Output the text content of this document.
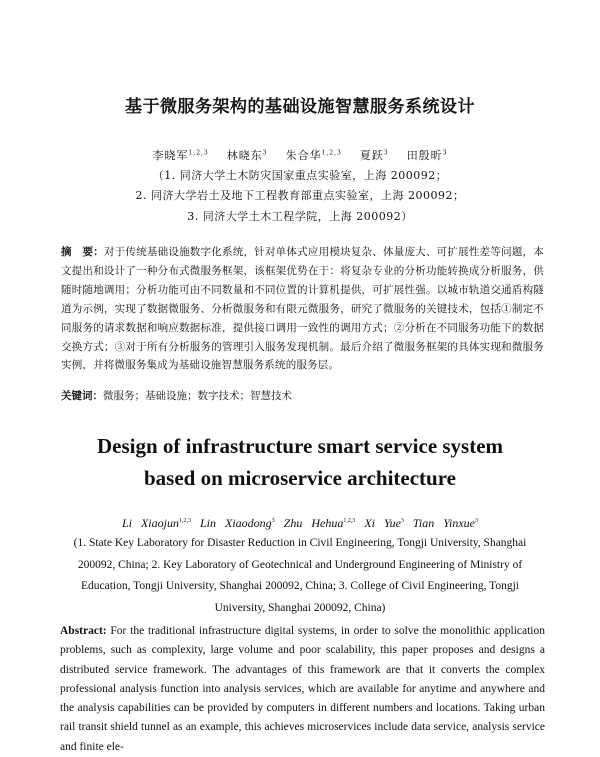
基于微服务架构的基础设施智慧服务系统设计
李晓军$^{1,2,3}$ 林晓东$^3$ 朱合华$^{1,2,3}$ 夏跃$^3$ 田殷昕$^3$
（1. 同济大学土木防灾国家重点实验室，上海 200092；
2. 同济大学岩土及地下工程教育部重点实验室，上海 200092；
3. 同济大学土木工程学院，上海 200092）
摘　要：对于传统基础设施数字化系统，针对单体式应用模块复杂、体量庞大、可扩展性差等问题，本文提出和设计了一种分布式微服务框架，该框架优势在于：将复杂专业的分析功能转换成分析服务，供随时随地调用；分析功能可由不同数量和不同位置的计算机提供，可扩展性强。以城市轨道交通盾构隧道为示例，实现了数据微服务、分析微服务和有限元微服务，研究了微服务的关键技术，包括①制定不同服务的请求数据和响应数据标准，提供接口调用一致性的调用方式；②分析在不同服务功能下的数据交换方式；③对于所有分析服务的管理引入服务发现机制。最后介绍了微服务框架的具体实现和微服务实例，并将微服务集成为基础设施智慧服务系统的服务层。
关键词：微服务；基础设施；数字技术；智慧技术
Design of infrastructure smart service system
based on microservice architecture
Li Xiaojun$^{1,2,3}$ Lin Xiaodong$^3$ Zhu Hehua$^{1,2,3}$ Xi Yue$^3$ Tian Yinxue$^3$
(1. State Key Laboratory for Disaster Reduction in Civil Engineering, Tongji University, Shanghai 200092, China; 2. Key Laboratory of Geotechnical and Underground Engineering of Ministry of Education, Tongji University, Shanghai 200092, China; 3. College of Civil Engineering, Tongji University, Shanghai 200092, China)
Abstract: For the traditional infrastructure digital systems, in order to solve the monolithic application problems, such as complexity, large volume and poor scalability, this paper proposes and designs a distributed service framework. The advantages of this framework are that it converts the complex professional analysis function into analysis services, which are available for anytime and anywhere and the analysis capabilities can be provided by computers in different numbers and locations. Taking urban rail transit shield tunnel as an example, this achieves microservices include data service, analysis service and finite ele-
